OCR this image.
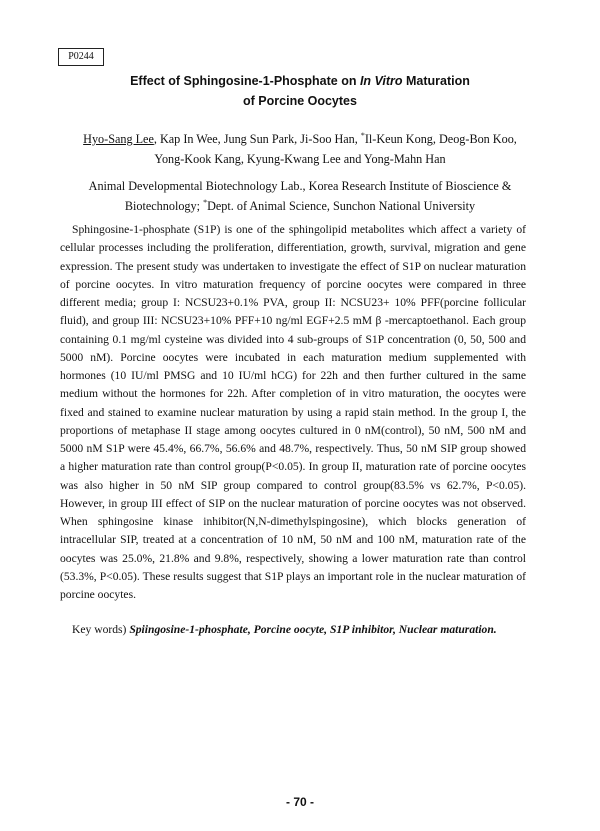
P0244
Effect of Sphingosine-1-Phosphate on In Vitro Maturation
of Porcine Oocytes
Hyo-Sang Lee, Kap In Wee, Jung Sun Park, Ji-Soo Han, *Il-Keun Kong, Deog-Bon Koo,
Yong-Kook Kang, Kyung-Kwang Lee and Yong-Mahn Han
Animal Developmental Biotechnology Lab., Korea Research Institute of Bioscience &
Biotechnology; *Dept. of Animal Science, Sunchon National University

Sphingosine-1-phosphate (S1P) is one of the sphingolipid metabolites which affect a variety of cellular processes including the proliferation, differentiation, growth, survival, migration and gene expression. The present study was undertaken to investigate the effect of S1P on nuclear maturation of porcine oocytes. In vitro maturation frequency of porcine oocytes were compared in three different media; group I: NCSU23+0.1% PVA, group II: NCSU23+ 10% PFF(porcine follicular fluid), and group III: NCSU23+10% PFF+10 ng/ml EGF+2.5 mM β -mercaptoethanol. Each group containing 0.1 mg/ml cysteine was divided into 4 sub-groups of S1P concentration (0, 50, 500 and 5000 nM). Porcine oocytes were incubated in each maturation medium supplemented with hormones (10 IU/ml PMSG and 10 IU/ml hCG) for 22h and then further cultured in the same medium without the hormones for 22h. After completion of in vitro maturation, the oocytes were fixed and stained to examine nuclear maturation by using a rapid stain method. In the group I, the proportions of metaphase II stage among oocytes cultured in 0 nM(control), 50 nM, 500 nM and 5000 nM S1P were 45.4%, 66.7%, 56.6% and 48.7%, respectively. Thus, 50 nM SIP group showed a higher maturation rate than control group(P<0.05). In group II, maturation rate of porcine oocytes was also higher in 50 nM SIP group compared to control group(83.5% vs 62.7%, P<0.05). However, in group III effect of SIP on the nuclear maturation of porcine oocytes was not observed. When sphingosine kinase inhibitor(N,N-dimethylspingosine), which blocks generation of intracellular SIP, treated at a concentration of 10 nM, 50 nM and 100 nM, maturation rate of the oocytes was 25.0%, 21.8% and 9.8%, respectively, showing a lower maturation rate than control (53.3%, P<0.05). These results suggest that S1P plays an important role in the nuclear maturation of porcine oocytes.

Key words) Spiingosine-1-phosphate, Porcine oocyte, S1P inhibitor, Nuclear maturation.
- 70 -
